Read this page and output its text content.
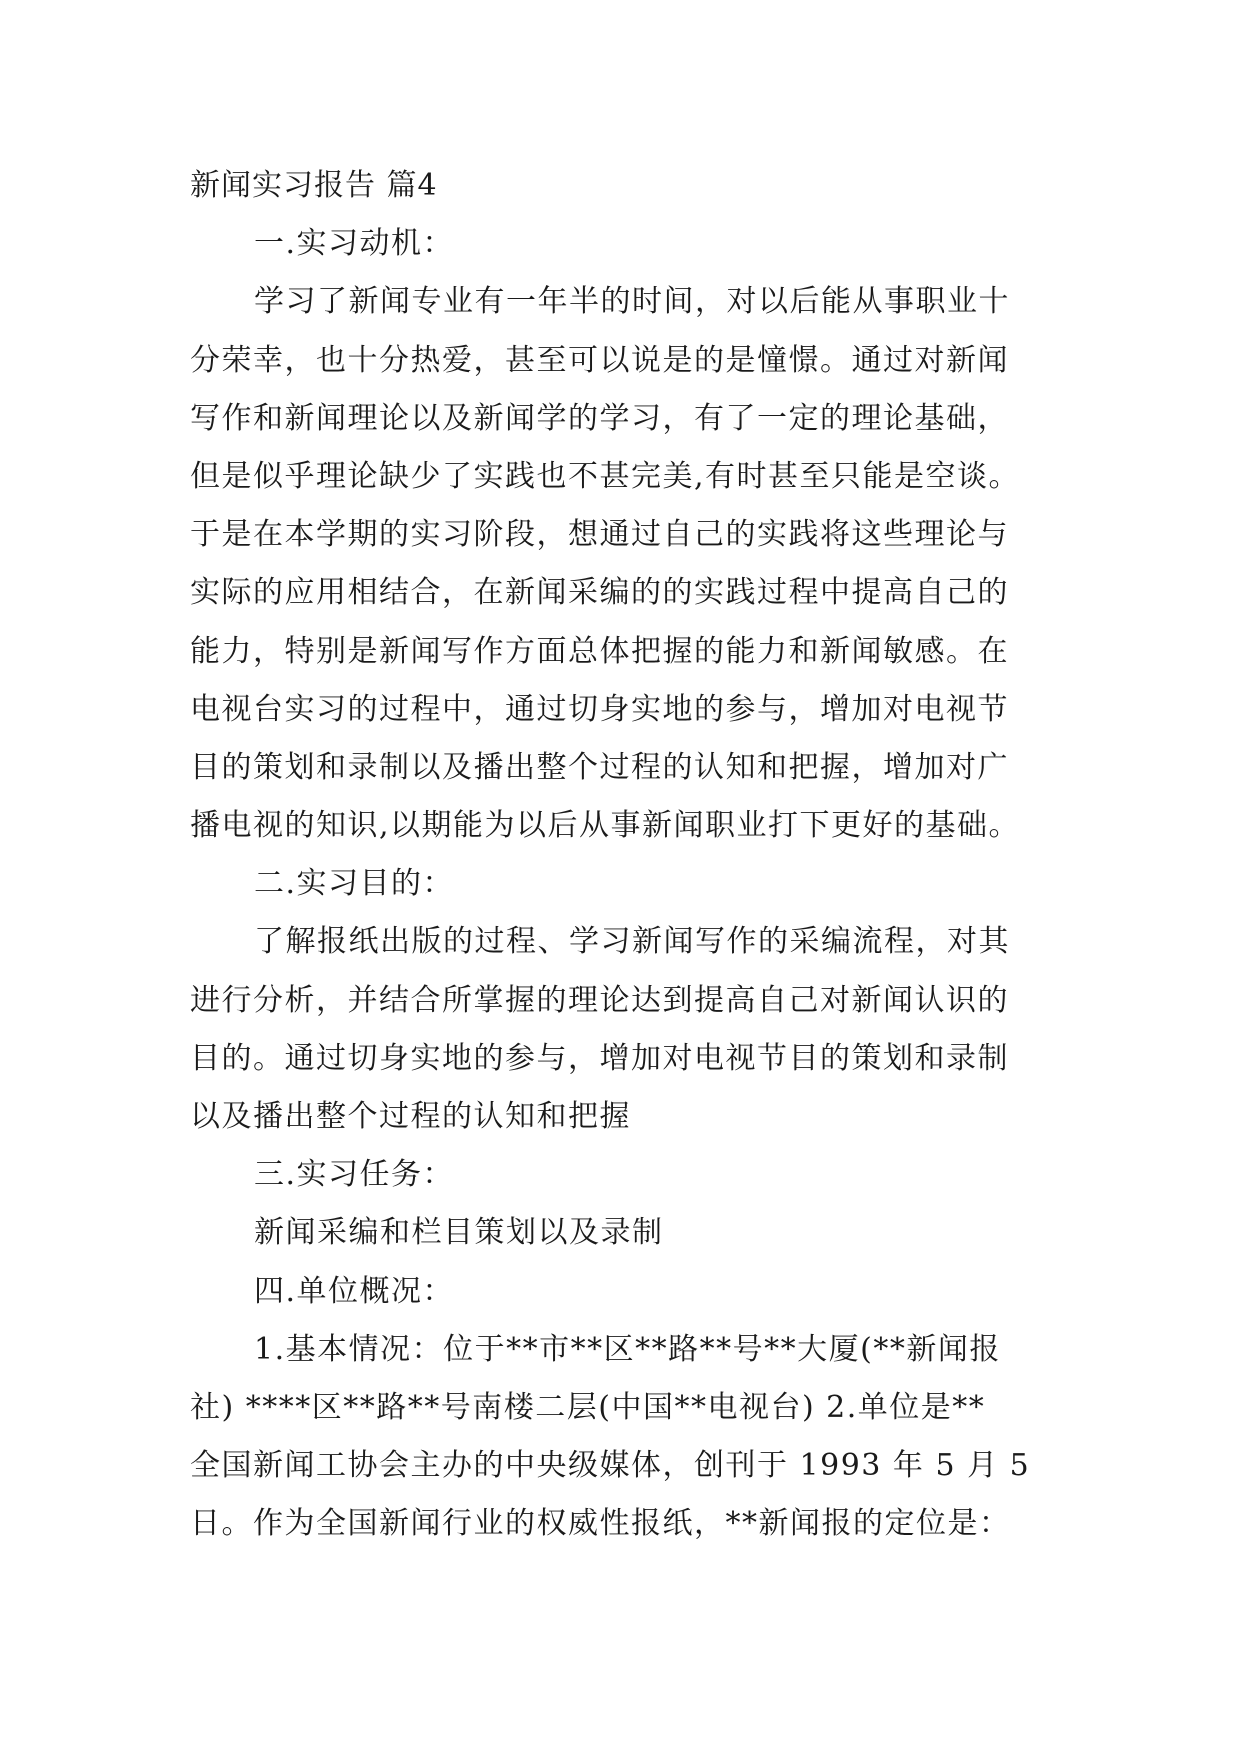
新闻实习报告 篇4
一.实习动机：
学习了新闻专业有一年半的时间，对以后能从事职业十
分荣幸，也十分热爱，甚至可以说是的是憧憬。通过对新闻
写作和新闻理论以及新闻学的学习，有了一定的理论基础，
但是似乎理论缺少了实践也不甚完美,有时甚至只能是空谈。
于是在本学期的实习阶段，想通过自己的实践将这些理论与
实际的应用相结合，在新闻采编的的实践过程中提高自己的
能力，特别是新闻写作方面总体把握的能力和新闻敏感。在
电视台实习的过程中，通过切身实地的参与，增加对电视节
目的策划和录制以及播出整个过程的认知和把握，增加对广
播电视的知识,以期能为以后从事新闻职业打下更好的基础。
二.实习目的：
了解报纸出版的过程、学习新闻写作的采编流程，对其
进行分析，并结合所掌握的理论达到提高自己对新闻认识的
目的。通过切身实地的参与，增加对电视节目的策划和录制
以及播出整个过程的认知和把握
三.实习任务：
新闻采编和栏目策划以及录制
四.单位概况：
1.基本情况：位于**市**区**路**号**大厦(**新闻报
社) ****区**路**号南楼二层(中国**电视台) 2.单位是**
全国新闻工协会主办的中央级媒体，创刊于 1993 年 5 月 5
日。作为全国新闻行业的权威性报纸，**新闻报的定位是：
